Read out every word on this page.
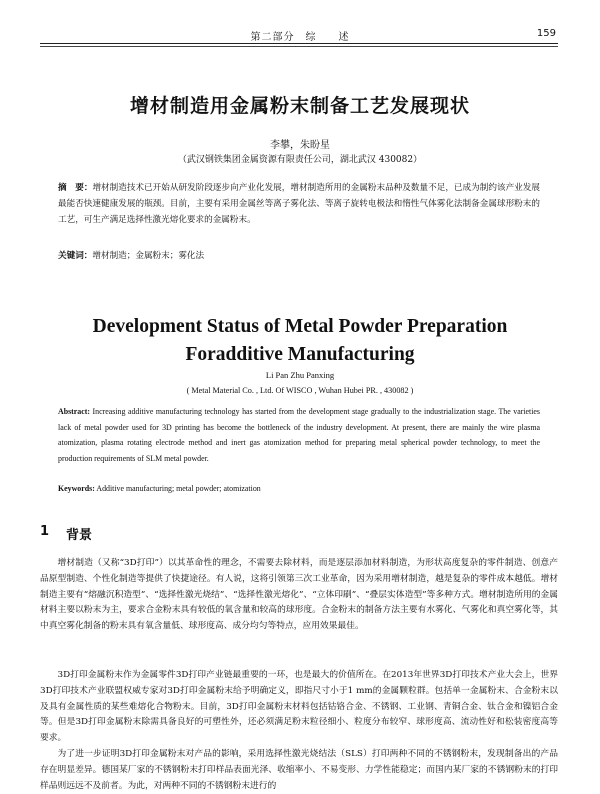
第二部分　综　　述	159
增材制造用金属粉末制备工艺发展现状
李攀，朱盼星
（武汉钢铁集团金属资源有限责任公司，湖北武汉 430082）
摘　要：增材制造技术已开始从研发阶段逐步向产业化发展，增材制造所用的金属粉末品种及数量不足，已成为制约该产业发展最能否快速健康发展的瓶颈。目前，主要有采用金属丝等离子雾化法、等离子旋转电极法和惰性气体雾化法制备金属球形粉末的工艺，可生产满足选择性激光熔化要求的金属粉末。
关键词：增材制造；金属粉末；雾化法
Development Status of Metal Powder Preparation
Foradditive Manufacturing
Li Pan Zhu Panxing
( Metal Material Co. , Ltd. Of WISCO , Wuhan Hubei PR. , 430082 )
Abstract: Increasing additive manufacturing technology has started from the development stage gradually to the industrialization stage. The varieties lack of metal powder used for 3D printing has become the bottleneck of the industry development. At present, there are mainly the wire plasma atomization, plasma rotating electrode method and inert gas atomization method for preparing metal spherical powder technology, to meet the production requirements of SLM metal powder.
Keywords: Additive manufacturing; metal powder; atomization
1 背景
增材制造（又称“3D打印”）以其革命性的理念，不需要去除材料，而是逐层添加材料制造，为形状高度复杂的零件制造、创意产品原型制造、个性化制造等提供了快捷途径。有人说，这将引领第三次工业革命，因为采用增材制造，越是复杂的零件成本越低。增材制造主要有“熔融沉积造型”、“选择性激光烧结”、“选择性激光熔化”、“立体印刷”、“叠层实体造型”等多种方式。增材制造所用的金属材料主要以粉末为主，要求合金粉末具有较低的氧含量和较高的球形度。合金粉末的制备方法主要有水雾化、气雾化和真空雾化等，其中真空雾化制备的粉末具有氧含量低、球形度高、成分均匀等特点，应用效果最佳。
3D打印金属粉末作为金属零件3D打印产业链最重要的一环，也是最大的价值所在。在2013年世界3D打印技术产业大会上，世界3D打印技术产业联盟权威专家对3D打印金属粉末给予明确定义，即指尺寸小于1 mm的金属颗粒群。包括单一金属粉末、合金粉末以及具有金属性质的某些难熔化合物粉末。目前，3D打印金属粉末材料包括钴铬合金、不锈钢、工业钢、青铜合金、钛合金和镍铝合金等。但是3D打印金属粉末除需具备良好的可塑性外，还必须满足粉末粒径细小、粒度分布较窄、球形度高、流动性好和松装密度高等要求。
为了进一步证明3D打印金属粉末对产品的影响，采用选择性激光烧结法（SLS）打印两种不同的不锈钢粉末，发现制备出的产品存在明显差异。德国某厂家的不锈钢粉末打印样品表面光泽、收缩率小、不易变形、力学性能稳定；而国内某厂家的不锈钢粉末的打印样品则远远不及前者。为此，对两种不同的不锈钢粉末进行的
